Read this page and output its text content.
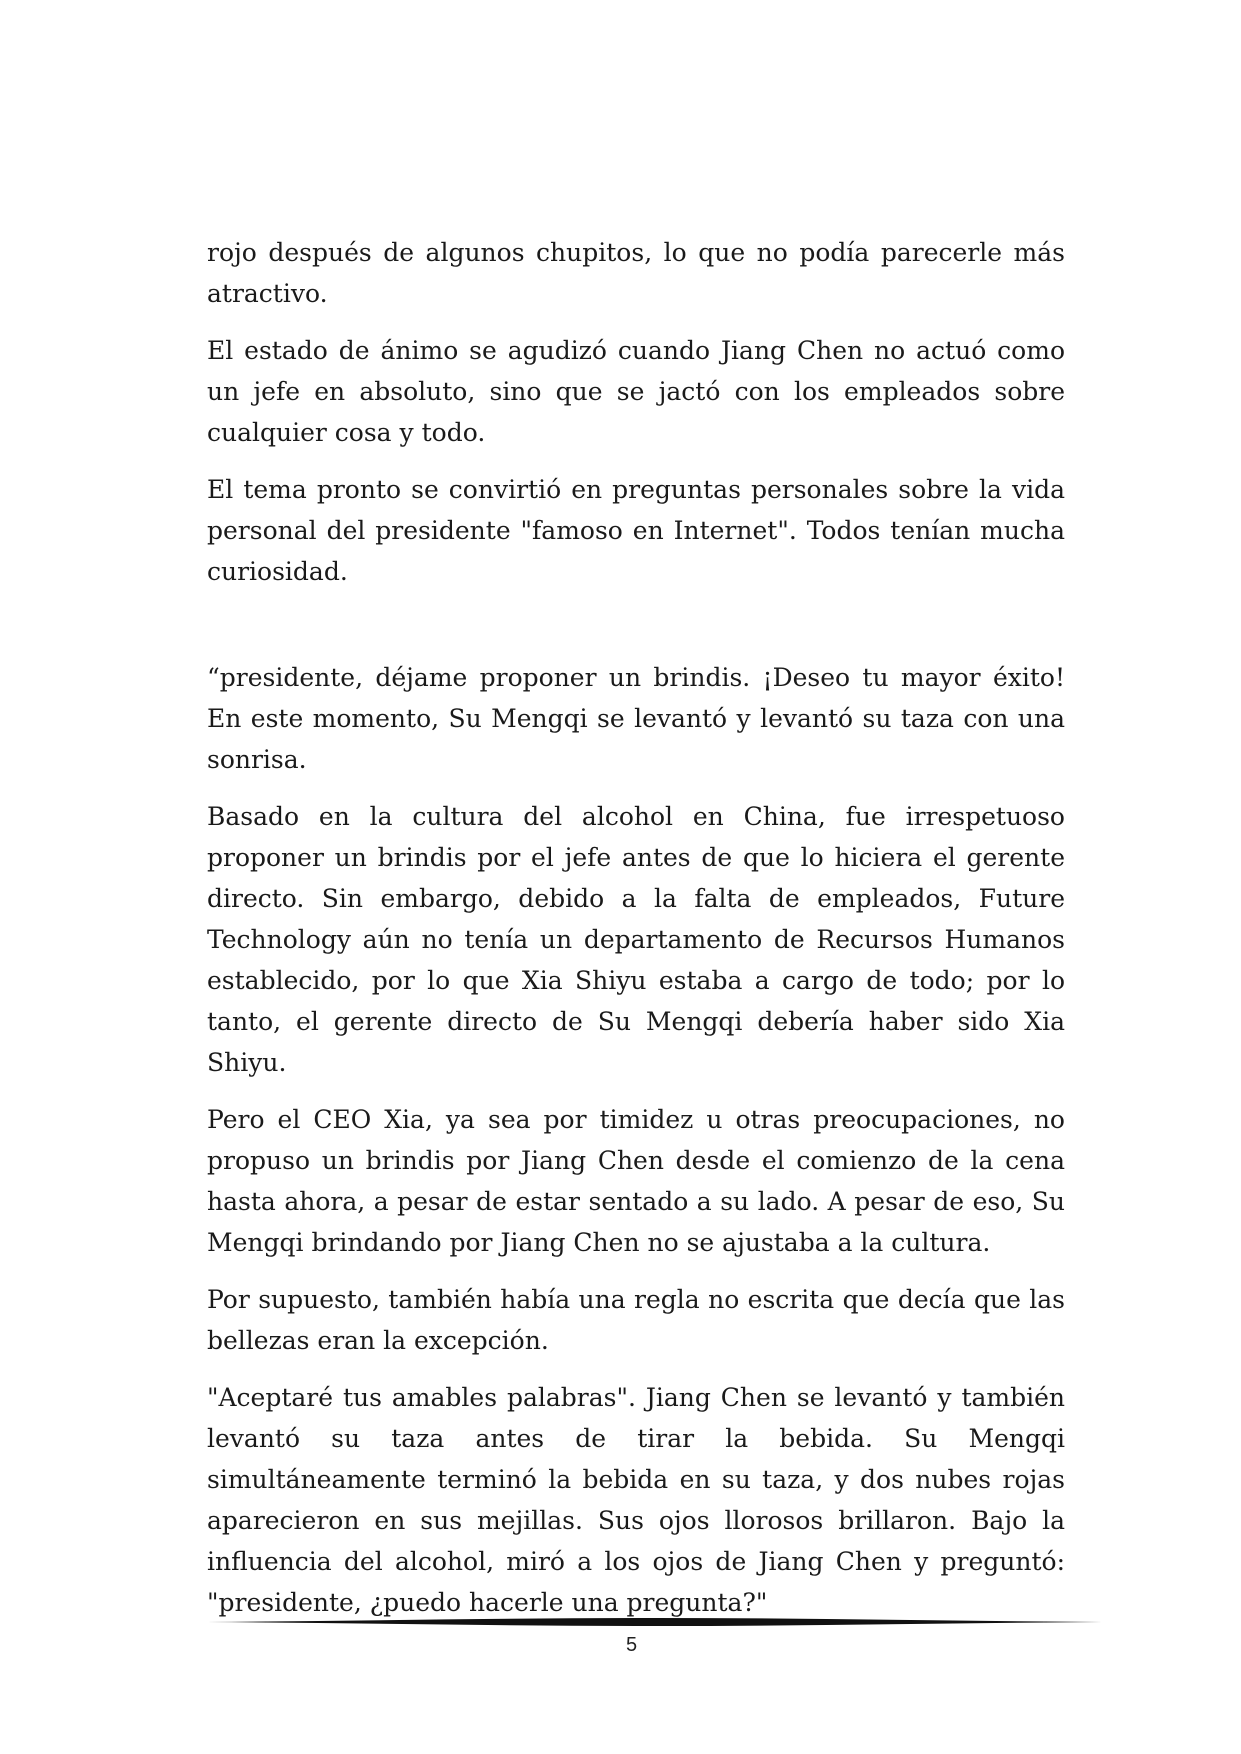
rojo después de algunos chupitos, lo que no podía parecerle más atractivo.

El estado de ánimo se agudizó cuando Jiang Chen no actuó como un jefe en absoluto, sino que se jactó con los empleados sobre cualquier cosa y todo.

El tema pronto se convirtió en preguntas personales sobre la vida personal del presidente "famoso en Internet". Todos tenían mucha curiosidad.

“presidente, déjame proponer un brindis. ¡Deseo tu mayor éxito! En este momento, Su Mengqi se levantó y levantó su taza con una sonrisa.

Basado en la cultura del alcohol en China, fue irrespetuoso proponer un brindis por el jefe antes de que lo hiciera el gerente directo. Sin embargo, debido a la falta de empleados, Future Technology aún no tenía un departamento de Recursos Humanos establecido, por lo que Xia Shiyu estaba a cargo de todo; por lo tanto, el gerente directo de Su Mengqi debería haber sido Xia Shiyu.

Pero el CEO Xia, ya sea por timidez u otras preocupaciones, no propuso un brindis por Jiang Chen desde el comienzo de la cena hasta ahora, a pesar de estar sentado a su lado. A pesar de eso, Su Mengqi brindando por Jiang Chen no se ajustaba a la cultura.

Por supuesto, también había una regla no escrita que decía que las bellezas eran la excepción.

"Aceptaré tus amables palabras". Jiang Chen se levantó y también levantó su taza antes de tirar la bebida. Su Mengqi simultáneamente terminó la bebida en su taza, y dos nubes rojas aparecieron en sus mejillas. Sus ojos llorosos brillaron. Bajo la influencia del alcohol, miró a los ojos de Jiang Chen y preguntó: "presidente, ¿puedo hacerle una pregunta?"

5
